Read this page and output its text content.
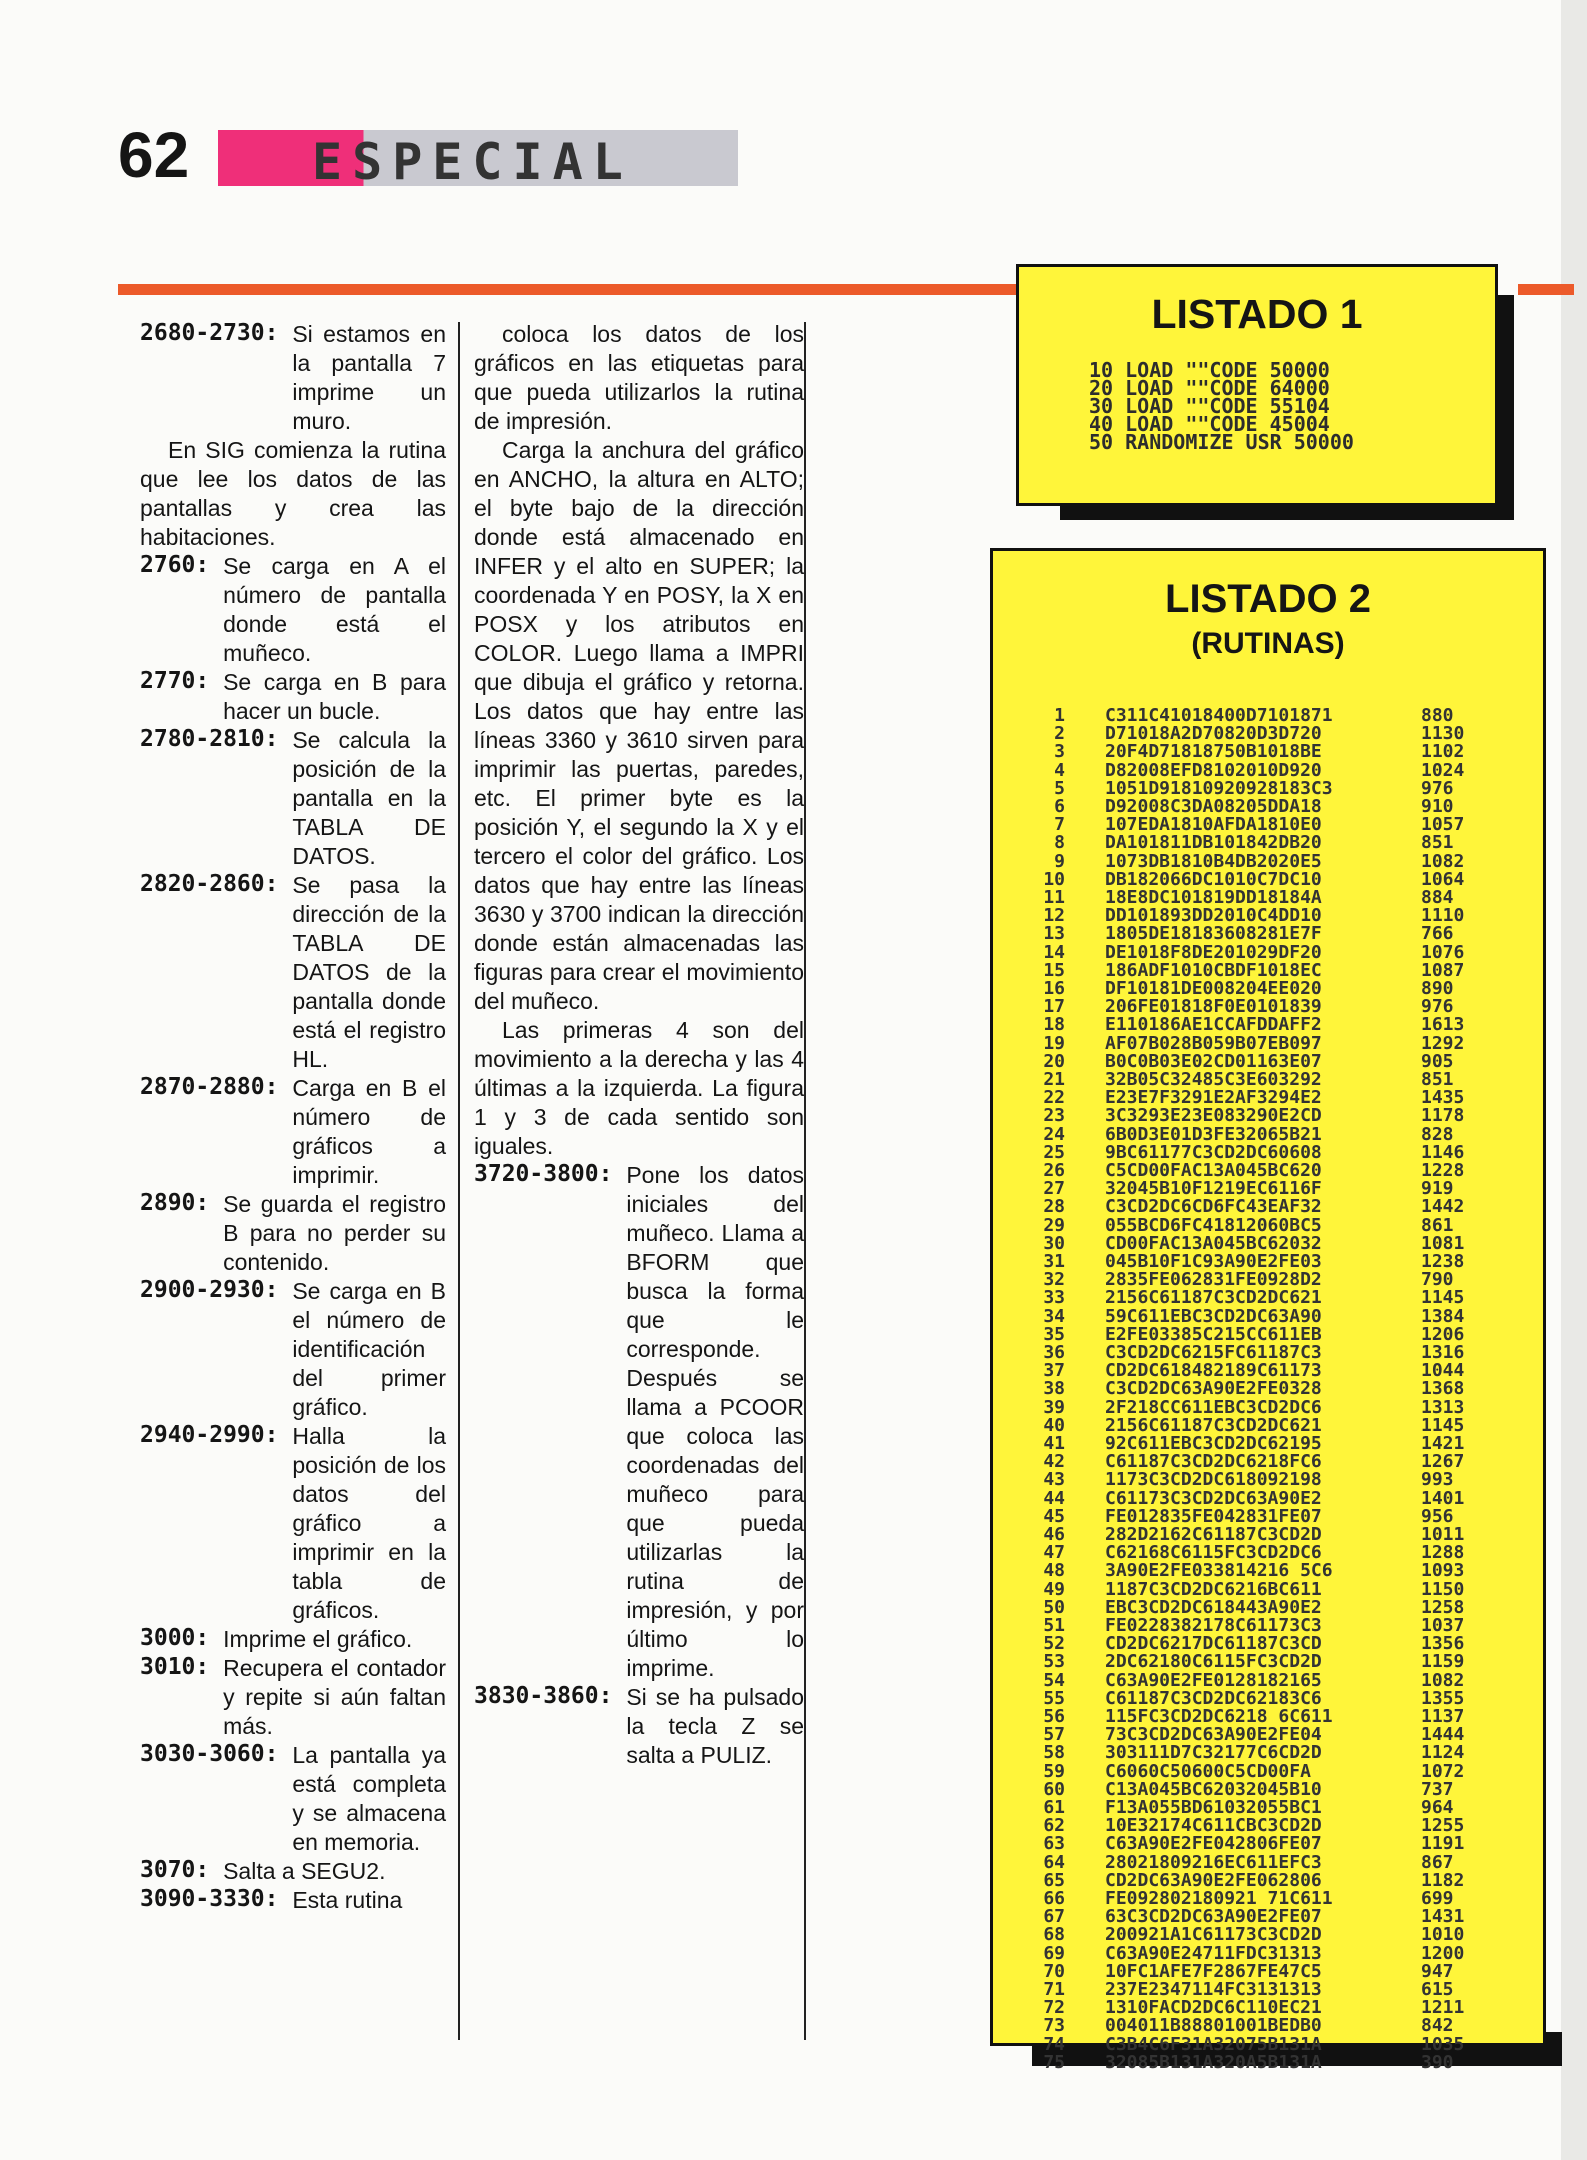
62 ESPECIAL
2680-2730: Si estamos en la pantalla 7 imprime un muro.
En SIG comienza la rutina que lee los datos de las pantallas y crea las habitaciones.
2760: Se carga en A el número de pantalla donde está el muñeco.
2770: Se carga en B para hacer un bucle.
2780-2810: Se calcula la posición de la pantalla en la TABLA DE DATOS.
2820-2860: Se pasa la dirección de la TABLA DE DATOS de la pantalla donde está el registro HL.
2870-2880: Carga en B el número de gráficos a imprimir.
2890: Se guarda el registro B para no perder su contenido.
2900-2930: Se carga en B el número de identificación del primer gráfico.
2940-2990: Halla la posición de los datos del gráfico a imprimir en la tabla de gráficos.
3000: Imprime el gráfico.
3010: Recupera el contador y repite si aún faltan más.
3030-3060: La pantalla ya está completa y se almacena en memoria.
3070: Salta a SEGU2.
3090-3330: Esta rutina
coloca los datos de los gráficos en las etiquetas para que pueda utilizarlos la rutina de impresión.
Carga la anchura del gráfico en ANCHO, la altura en ALTO; el byte bajo de la dirección donde está almacenado en INFER y el alto en SUPER; la coordenada Y en POSY, la X en POSX y los atributos en COLOR. Luego llama a IMPRI que dibuja el gráfico y retorna. Los datos que hay entre las líneas 3360 y 3610 sirven para imprimir las puertas, paredes, etc. El primer byte es la posición Y, el segundo la X y el tercero el color del gráfico. Los datos que hay entre las líneas 3630 y 3700 indican la dirección donde están almacenadas las figuras para crear el movimiento del muñeco.
Las primeras 4 son del movimiento a la derecha y las 4 últimas a la izquierda. La figura 1 y 3 de cada sentido son iguales.
3720-3800: Pone los datos iniciales del muñeco. Llama a BFORM que busca la forma que le corresponde. Después se llama a PCOOR que coloca las coordenadas del muñeco para que pueda utilizarlas la rutina de impresión, y por último lo imprime.
3830-3860: Si se ha pulsado la tecla Z se salta a PULIZ.
LISTADO 1
10 LOAD ""CODE 50000
20 LOAD ""CODE 64000
30 LOAD ""CODE 55104
40 LOAD ""CODE 45004
50 RANDOMIZE USR 50000
LISTADO 2
(RUTINAS)
1 C311C41018400D7101871	880
2 D71018A2D70820D3D720	1130
3 20F4D71818750B1018BE	1102
4 D82008EFD8102010D920	1024
5 1051D91810920928183C3	976
6 D92008C3DA08205DDA18	910
7 107EDA1810AFDA1810E0	1057
8 DA101811DB101842DB20	851
9 1073DB1810B4DB2020E5	1082
10 DB182066DC1010C7DC10	1064
11 18E8DC101819DD18184A	884
12 DD101893DD2010C4DD10	1110
13 1805DE18183608281E7F	766
14 DE1018F8DE201029DF20	1076
15 186ADF1010CBDF1018EC	1087
16 DF10181DE008204EE020	890
17 206FE01818F0E0101839	976
18 E110186AE1CCAFDDAFF2	1613
19 AF07B028B059B07EB097	1292
20 B0C0B03E02CD01163E07	905
21 32B05C32485C3E603292	851
22 E23E7F3291E2AF3294E2	1435
23 3C3293E23E083290E2CD	1178
24 6B0D3E01D3FE32065B21	828
25 9BC61177C3CD2DC60608	1146
26 C5CD00FAC13A045BC620	1228
27 32045B10F1219EC6116F	919
28 C3CD2DC6CD6FC43EAF32	1442
29 055BCD6FC41812060BC5	861
30 CD00FAC13A045BC62032	1081
31 045B10F1C93A90E2FE03	1238
32 2835FE062831FE0928D2	790
33 2156C61187C3CD2DC621	1145
34 59C611EBC3CD2DC63A90	1384
35 E2FE03385C215CC611EB	1206
36 C3CD2DC6215FC61187C3	1316
37 CD2DC618482189C61173	1044
38 C3CD2DC63A90E2FE0328	1368
39 2F218CC611EBC3CD2DC6	1313
40 2156C61187C3CD2DC621	1145
41 92C611EBC3CD2DC62195	1421
42 C61187C3CD2DC6218FC6	1267
43 1173C3CD2DC618092198	993
44 C61173C3CD2DC63A90E2	1401
45 FE012835FE042831FE07	956
46 282D2162C61187C3CD2D	1011
47 C62168C6115FC3CD2DC6	1288
48 3A90E2FE033814216 5C6	1093
49 1187C3CD2DC6216BC611	1150
50 EBC3CD2DC618443A90E2	1258
51 FE0228382178C61173C3	1037
52 CD2DC6217DC61187C3CD	1356
53 2DC62180C6115FC3CD2D	1159
54 C63A90E2FE0128182165	1082
55 C61187C3CD2DC62183C6	1355
56 115FC3CD2DC6218 6C611	1137
57 73C3CD2DC63A90E2FE04	1444
58 303111D7C32177C6CD2D	1124
59 C6060C50600C5CD00FA	1072
60 C13A045BC62032045B10	737
61 F13A055BD61032055BC1	964
62 10E32174C611CBC3CD2D	1255
63 C63A90E2FE042806FE07	1191
64 28021809216EC611EFC3	867
65 CD2DC63A90E2FE062806	1182
66 FE092802180921 71C611	699
67 63C3CD2DC63A90E2FE07	1431
68 200921A1C61173C3CD2D	1010
69 C63A90E24711FDC31313	1200
70 10FC1AFE7F2867FE47C5	947
71 237E2347114FC3131313	615
72 1310FACD2DC6C110EC21	1211
73 004011B88801001BEDB0	842
74 C3B4C6F31A32075B131A	1035
75 32085B131A320A5B131A	390
